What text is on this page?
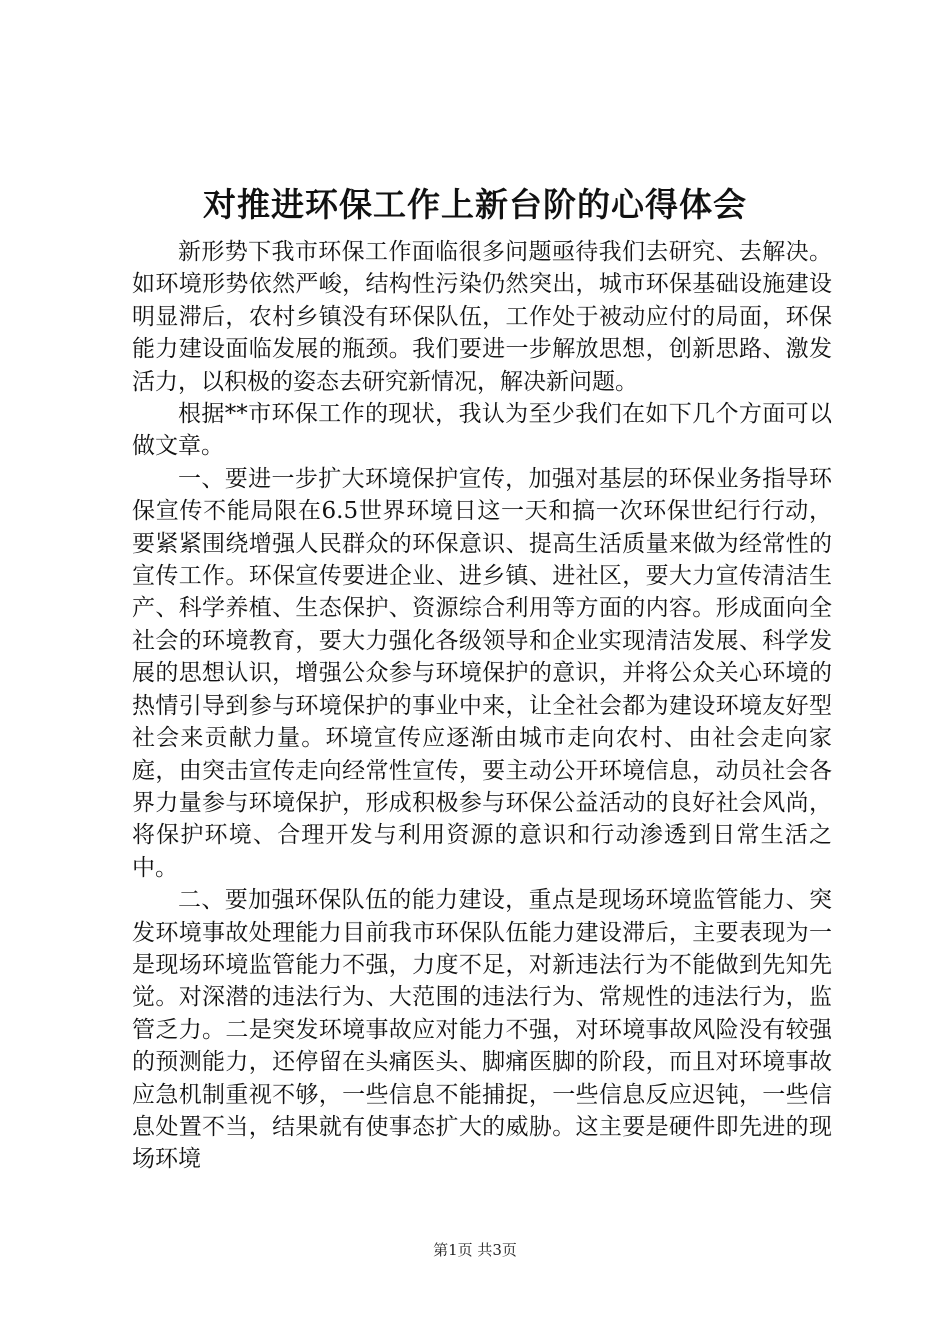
对推进环保工作上新台阶的心得体会

新形势下我市环保工作面临很多问题亟待我们去研究、去解决。如环境形势依然严峻，结构性污染仍然突出，城市环保基础设施建设明显滞后，农村乡镇没有环保队伍，工作处于被动应付的局面，环保能力建设面临发展的瓶颈。我们要进一步解放思想，创新思路、激发活力，以积极的姿态去研究新情况，解决新问题。

根据**市环保工作的现状，我认为至少我们在如下几个方面可以做文章。

一、要进一步扩大环境保护宣传，加强对基层的环保业务指导环保宣传不能局限在6.5世界环境日这一天和搞一次环保世纪行行动，要紧紧围绕增强人民群众的环保意识、提高生活质量来做为经常性的宣传工作。环保宣传要进企业、进乡镇、进社区，要大力宣传清洁生产、科学养植、生态保护、资源综合利用等方面的内容。形成面向全社会的环境教育，要大力强化各级领导和企业实现清洁发展、科学发展的思想认识，增强公众参与环境保护的意识，并将公众关心环境的热情引导到参与环境保护的事业中来，让全社会都为建设环境友好型社会来贡献力量。环境宣传应逐渐由城市走向农村、由社会走向家庭，由突击宣传走向经常性宣传，要主动公开环境信息，动员社会各界力量参与环境保护，形成积极参与环保公益活动的良好社会风尚，将保护环境、合理开发与利用资源的意识和行动渗透到日常生活之中。

二、要加强环保队伍的能力建设，重点是现场环境监管能力、突发环境事故处理能力目前我市环保队伍能力建设滞后，主要表现为一是现场环境监管能力不强，力度不足，对新违法行为不能做到先知先觉。对深潜的违法行为、大范围的违法行为、常规性的违法行为，监管乏力。二是突发环境事故应对能力不强，对环境事故风险没有较强的预测能力，还停留在头痛医头、脚痛医脚的阶段，而且对环境事故应急机制重视不够，一些信息不能捕捉，一些信息反应迟钝，一些信息处置不当，结果就有使事态扩大的威胁。这主要是硬件即先进的现场环境

第1页 共3页
